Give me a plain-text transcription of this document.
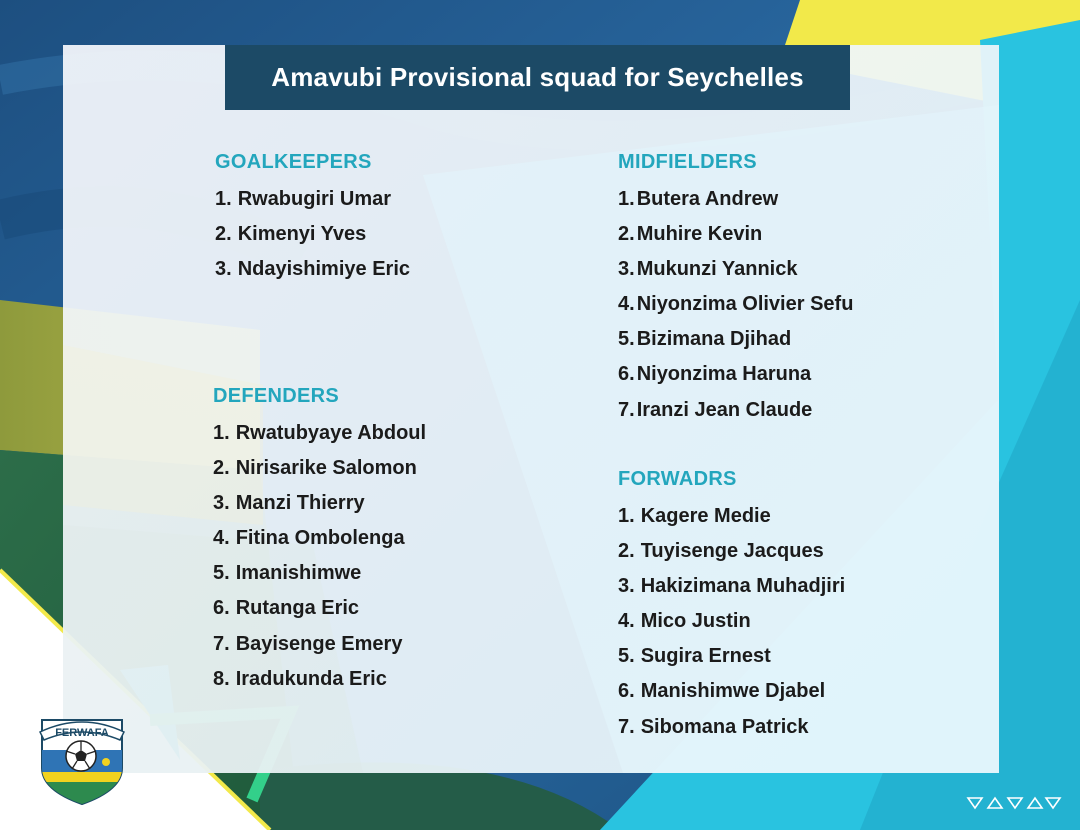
Amavubi Provisional squad for Seychelles
GOALKEEPERS
1. Rwabugiri Umar
2. Kimenyi Yves
3. Ndayishimiye Eric
DEFENDERS
1. Rwatubyaye Abdoul
2. Nirisarike Salomon
3. Manzi Thierry
4. Fitina Ombolenga
5. Imanishimwe
6. Rutanga Eric
7. Bayisenge Emery
8. Iradukunda Eric
MIDFIELDERS
1. Butera Andrew
2. Muhire Kevin
3. Mukunzi Yannick
4. Niyonzima Olivier Sefu
5. Bizimana Djihad
6. Niyonzima Haruna
7. Iranzi Jean Claude
FORWADRS
1. Kagere Medie
2. Tuyisenge Jacques
3. Hakizimana Muhadjiri
4. Mico Justin
5. Sugira Ernest
6. Manishimwe Djabel
7. Sibomana Patrick
FERWAFA
